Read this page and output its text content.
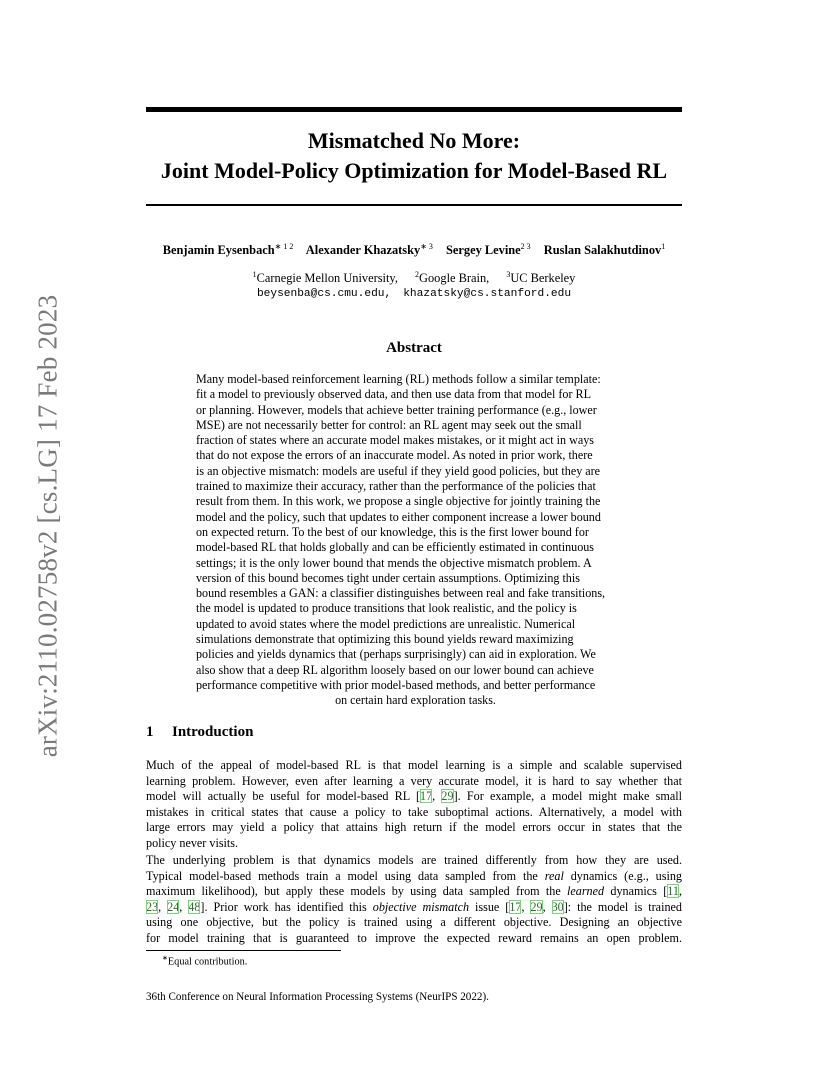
arXiv:2110.02758v2 [cs.LG] 17 Feb 2023
Mismatched No More:
Joint Model-Policy Optimization for Model-Based RL
Benjamin Eysenbach$^{∗ 1 2}$ Alexander Khazatsky$^{∗ 3}$ Sergey Levine$^{2 3}$ Ruslan Salakhutdinov$^1$
$^1$Carnegie Mellon University, $^2$Google Brain, $^3$UC Berkeley
beysenba@cs.cmu.edu, khazatsky@cs.stanford.edu
Abstract
Many model-based reinforcement learning (RL) methods follow a similar template:
fit a model to previously observed data, and then use data from that model for RL
or planning. However, models that achieve better training performance (e.g., lower
MSE) are not necessarily better for control: an RL agent may seek out the small
fraction of states where an accurate model makes mistakes, or it might act in ways
that do not expose the errors of an inaccurate model. As noted in prior work, there
is an objective mismatch: models are useful if they yield good policies, but they are
trained to maximize their accuracy, rather than the performance of the policies that
result from them. In this work, we propose a single objective for jointly training the
model and the policy, such that updates to either component increase a lower bound
on expected return. To the best of our knowledge, this is the first lower bound for
model-based RL that holds globally and can be efficiently estimated in continuous
settings; it is the only lower bound that mends the objective mismatch problem. A
version of this bound becomes tight under certain assumptions. Optimizing this
bound resembles a GAN: a classifier distinguishes between real and fake transitions,
the model is updated to produce transitions that look realistic, and the policy is
updated to avoid states where the model predictions are unrealistic. Numerical
simulations demonstrate that optimizing this bound yields reward maximizing
policies and yields dynamics that (perhaps surprisingly) can aid in exploration. We
also show that a deep RL algorithm loosely based on our lower bound can achieve
performance competitive with prior model-based methods, and better performance
on certain hard exploration tasks.
1 Introduction
Much of the appeal of model-based RL is that model learning is a simple and scalable supervised
learning problem. However, even after learning a very accurate model, it is hard to say whether that
model will actually be useful for model-based RL [17, 29]. For example, a model might make small
mistakes in critical states that cause a policy to take suboptimal actions. Alternatively, a model with
large errors may yield a policy that attains high return if the model errors occur in states that the
policy never visits.
The underlying problem is that dynamics models are trained differently from how they are used.
Typical model-based methods train a model using data sampled from the real dynamics (e.g., using
maximum likelihood), but apply these models by using data sampled from the learned dynamics [11,
23, 24, 48]. Prior work has identified this objective mismatch issue [17, 29, 30]: the model is trained
using one objective, but the policy is trained using a different objective. Designing an objective
for model training that is guaranteed to improve the expected reward remains an open problem.
∗Equal contribution.
36th Conference on Neural Information Processing Systems (NeurIPS 2022).
